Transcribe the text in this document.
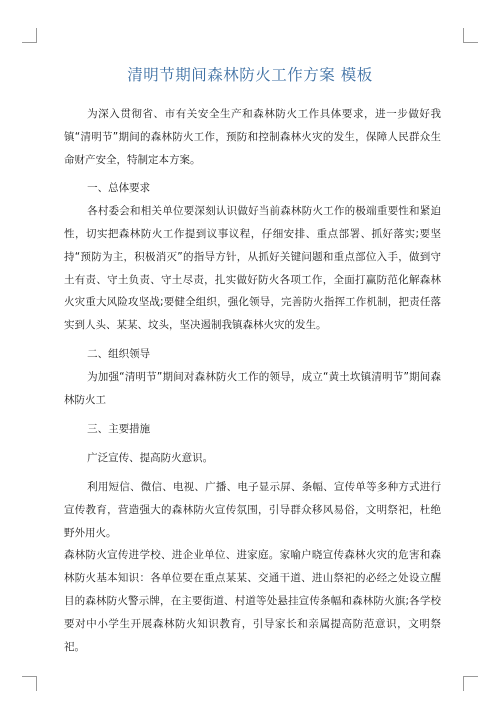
清明节期间森林防火工作方案 模板

为深入贯彻省、市有关安全生产和森林防火工作具体要求，进一步做好我镇“清明节”期间的森林防火工作，预防和控制森林火灾的发生，保障人民群众生命财产安全，特制定本方案。

一、总体要求

各村委会和相关单位要深刻认识做好当前森林防火工作的极端重要性和紧迫性，切实把森林防火工作提到议事议程，仔细安排、重点部署、抓好落实;要坚持“预防为主，积极消灭”的指导方针，从抓好关键问题和重点部位入手，做到守土有责、守土负责、守土尽责，扎实做好防火各项工作，全面打赢防范化解森林火灾重大风险攻坚战;要健全组织，强化领导，完善防火指挥工作机制，把责任落实到人头、某某、坟头，坚决遏制我镇森林火灾的发生。

二、组织领导

为加强“清明节”期间对森林防火工作的领导，成立“黄土坎镇清明节”期间森林防火工

三、主要措施

广泛宣传、提高防火意识。

利用短信、微信、电视、广播、电子显示屏、条幅、宣传单等多种方式进行宣传教育，营造强大的森林防火宣传氛围，引导群众移风易俗，文明祭祀，杜绝野外用火。

森林防火宣传进学校、进企业单位、进家庭。家喻户晓宣传森林火灾的危害和森林防火基本知识：各单位要在重点某某、交通干道、进山祭祀的必经之处设立醒目的森林防火警示牌，在主要街道、村道等处悬挂宣传条幅和森林防火旗;各学校要对中小学生开展森林防火知识教育，引导家长和亲属提高防范意识，文明祭祀。
